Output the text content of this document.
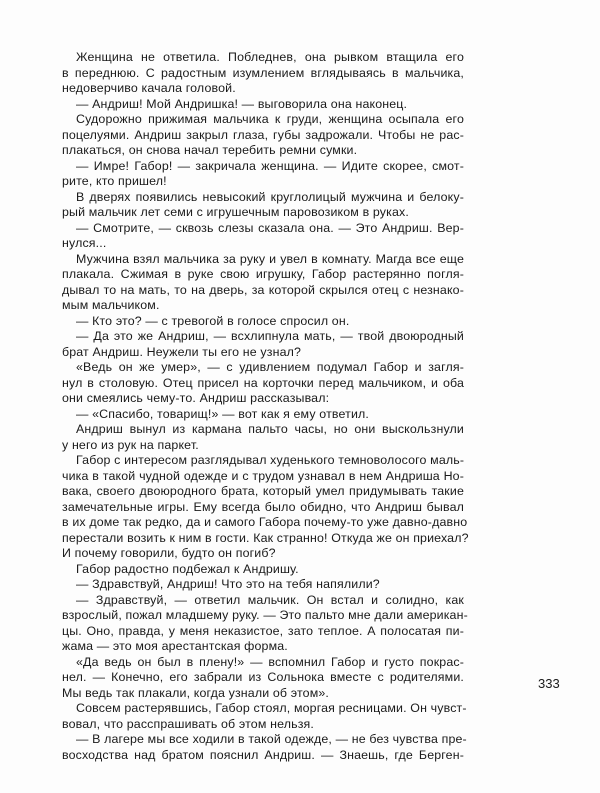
Женщина не ответила. Побледнев, она рывком втащила его
в переднюю. С радостным изумлением вглядываясь в мальчика,
недоверчиво качала головой.
— Андриш! Мой Андришка! — выговорила она наконец.
Судорожно прижимая мальчика к груди, женщина осыпала его
поцелуями. Андриш закрыл глаза, губы задрожали. Чтобы не рас-
плакаться, он снова начал теребить ремни сумки.
— Имре! Габор! — закричала женщина. — Идите скорее, смот-
рите, кто пришел!
В дверях появились невысокий круглолицый мужчина и белоку-
рый мальчик лет семи с игрушечным паровозиком в руках.
— Смотрите, — сквозь слезы сказала она. — Это Андриш. Вер-
нулся...
Мужчина взял мальчика за руку и увел в комнату. Магда все еще
плакала. Сжимая в руке свою игрушку, Габор растерянно погля-
дывал то на мать, то на дверь, за которой скрылся отец с незнако-
мым мальчиком.
— Кто это? — с тревогой в голосе спросил он.
— Да это же Андриш, — всхлипнула мать, — твой двоюродный
брат Андриш. Неужели ты его не узнал?
«Ведь он же умер», — с удивлением подумал Габор и загля-
нул в столовую. Отец присел на корточки перед мальчиком, и оба
они смеялись чему-то. Андриш рассказывал:
— «Спасибо, товарищ!» — вот как я ему ответил.
Андриш вынул из кармана пальто часы, но они выскользнули
у него из рук на паркет.
Габор с интересом разглядывал худенького темноволосого маль-
чика в такой чудной одежде и с трудом узнавал в нем Андриша Но-
вака, своего двоюродного брата, который умел придумывать такие
замечательные игры. Ему всегда было обидно, что Андриш бывал
в их доме так редко, да и самого Габора почему-то уже давно-давно
перестали возить к ним в гости. Как странно! Откуда же он приехал?
И почему говорили, будто он погиб?
Габор радостно подбежал к Андришу.
— Здравствуй, Андриш! Что это на тебя напялили?
— Здравствуй, — ответил мальчик. Он встал и солидно, как
взрослый, пожал младшему руку. — Это пальто мне дали американ-
цы. Оно, правда, у меня неказистое, зато теплое. А полосатая пи-
жама — это моя арестантская форма.
«Да ведь он был в плену!» — вспомнил Габор и густо покрас-
нел. — Конечно, его забрали из Сольнока вместе с родителями.
Мы ведь так плакали, когда узнали об этом».
Совсем растерявшись, Габор стоял, моргая ресницами. Он чувст-
вовал, что расспрашивать об этом нельзя.
— В лагере мы все ходили в такой одежде, — не без чувства пре-
восходства над братом пояснил Андриш. — Знаешь, где Берген-
333
